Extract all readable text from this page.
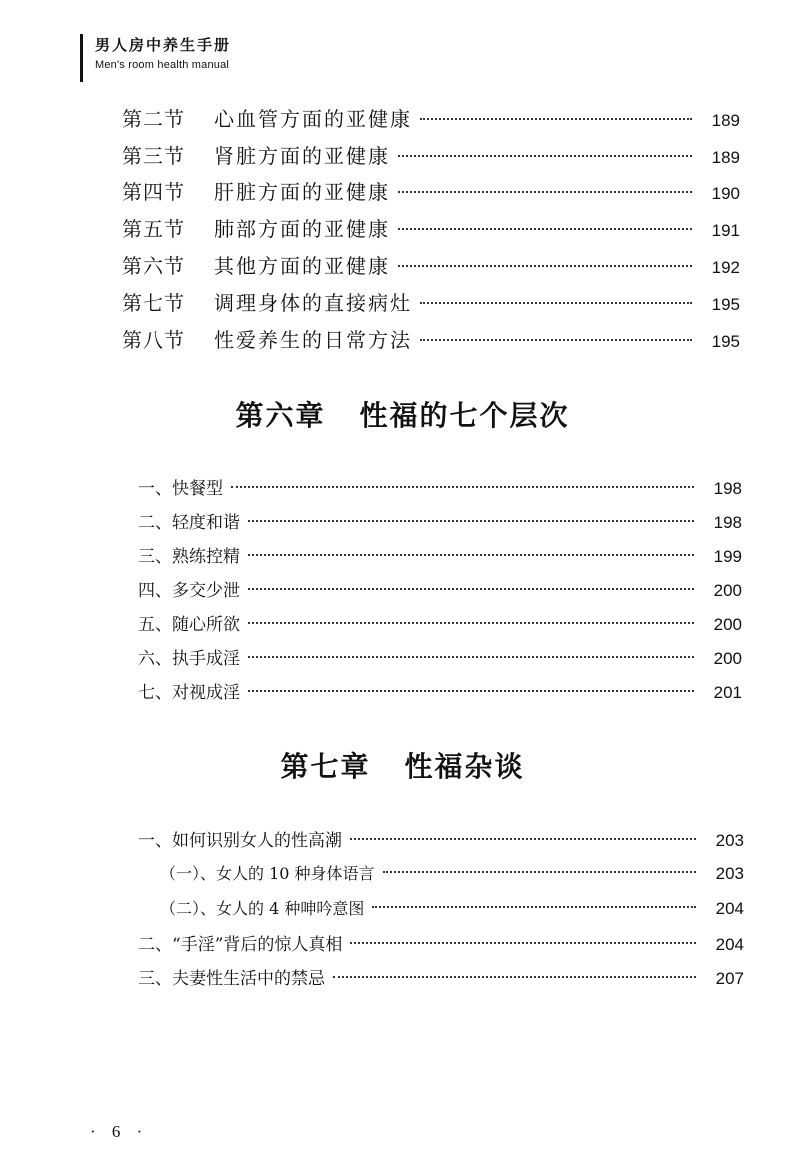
男人房中养生手册
Men's room health manual
第二节	心血管方面的亚健康	189
第三节	肾脏方面的亚健康	189
第四节	肝脏方面的亚健康	190
第五节	肺部方面的亚健康	191
第六节	其他方面的亚健康	192
第七节	调理身体的直接病灶	195
第八节	性爱养生的日常方法	195
第六章 性福的七个层次
一、快餐型	198
二、轻度和谐	198
三、熟练控精	199
四、多交少泄	200
五、随心所欲	200
六、执手成淫	200
七、对视成淫	201
第七章 性福杂谈
一、如何识别女人的性高潮	203
（一）、女人的 10 种身体语言	203
（二）、女人的 4 种呻吟意图	204
二、“手淫”背后的惊人真相	204
三、夫妻性生活中的禁忌	207
· 6 ·
